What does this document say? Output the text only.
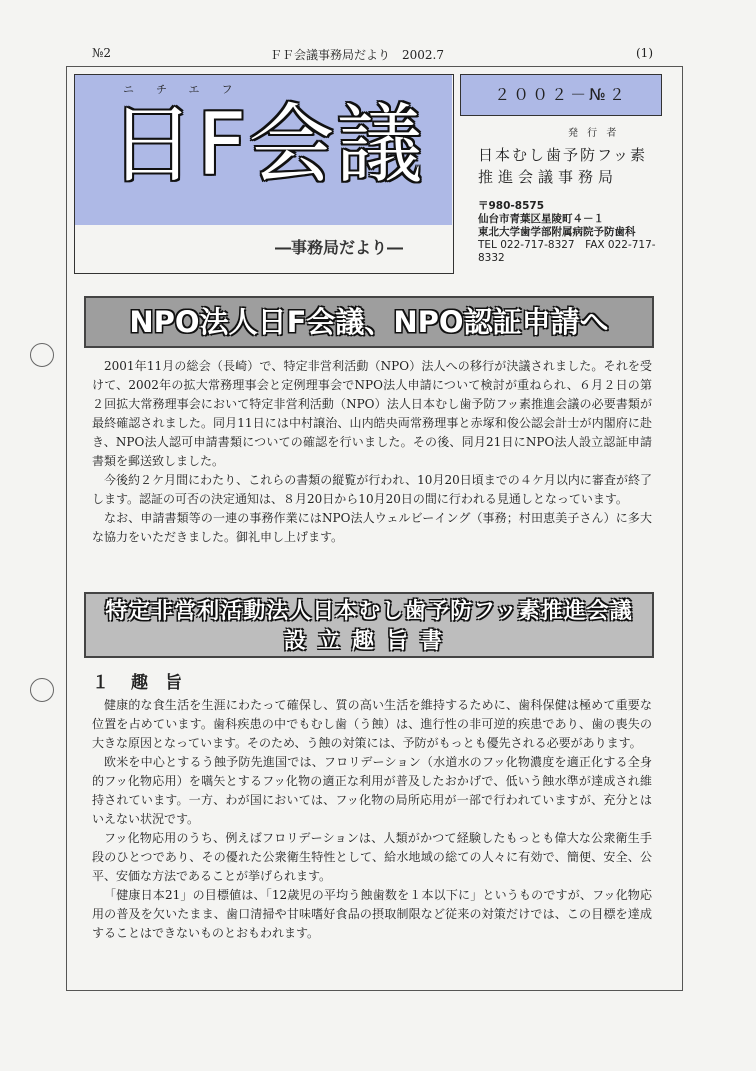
№2	ＦＦ会議事務局だより　2002.7	(1)
ニチエフ
日F会議
―事務局だより―
２００２－№２
発 行 者
日本むし歯予防フッ素
推進会議事務局
〒980-8575
仙台市青葉区星陵町４－１
東北大学歯学部附属病院予防歯科
TEL 022-717-8327　FAX 022-717-8332
NPO法人日F会議、NPO認証申請へ

2001年11月の総会（長崎）で、特定非営利活動（NPO）法人への移行が決議されました。それを受けて、2002年の拡大常務理事会と定例理事会でNPO法人申請について検討が重ねられ、６月２日の第２回拡大常務理事会において特定非営利活動（NPO）法人日本むし歯予防フッ素推進会議の必要書類が最終確認されました。同月11日には中村譲治、山内皓央両常務理事と赤塚和俊公認会計士が内閣府に赴き、NPO法人認可申請書類についての確認を行いました。その後、同月21日にNPO法人設立認証申請書類を郵送致しました。

今後約２ケ月間にわたり、これらの書類の縦覧が行われ、10月20日頃までの４ケ月以内に審査が終了します。認証の可否の決定通知は、８月20日から10月20日の間に行われる見通しとなっています。

なお、申請書類等の一連の事務作業にはNPO法人ウェルビーイング（事務；村田恵美子さん）に多大な協力をいただきました。御礼申し上げます。

特定非営利活動法人日本むし歯予防フッ素推進会議
設立趣旨書
１ 趣　旨

健康的な食生活を生涯にわたって確保し、質の高い生活を維持するために、歯科保健は極めて重要な位置を占めています。歯科疾患の中でもむし歯（う蝕）は、進行性の非可逆的疾患であり、歯の喪失の大きな原因となっています。そのため、う蝕の対策には、予防がもっとも優先される必要があります。

欧米を中心とするう蝕予防先進国では、フロリデーション（水道水のフッ化物濃度を適正化する全身的フッ化物応用）を嚆矢とするフッ化物の適正な利用が普及したおかげで、低いう蝕水準が達成され維持されています。一方、わが国においては、フッ化物の局所応用が一部で行われていますが、充分とはいえない状況です。

フッ化物応用のうち、例えばフロリデーションは、人類がかつて経験したもっとも偉大な公衆衛生手段のひとつであり、その優れた公衆衛生特性として、給水地域の総ての人々に有効で、簡便、安全、公平、安価な方法であることが挙げられます。

「健康日本21」の目標値は、「12歳児の平均う蝕歯数を１本以下に」というものですが、フッ化物応用の普及を欠いたまま、歯口清掃や甘味嗜好食品の摂取制限など従来の対策だけでは、この目標を達成することはできないものとおもわれます。
